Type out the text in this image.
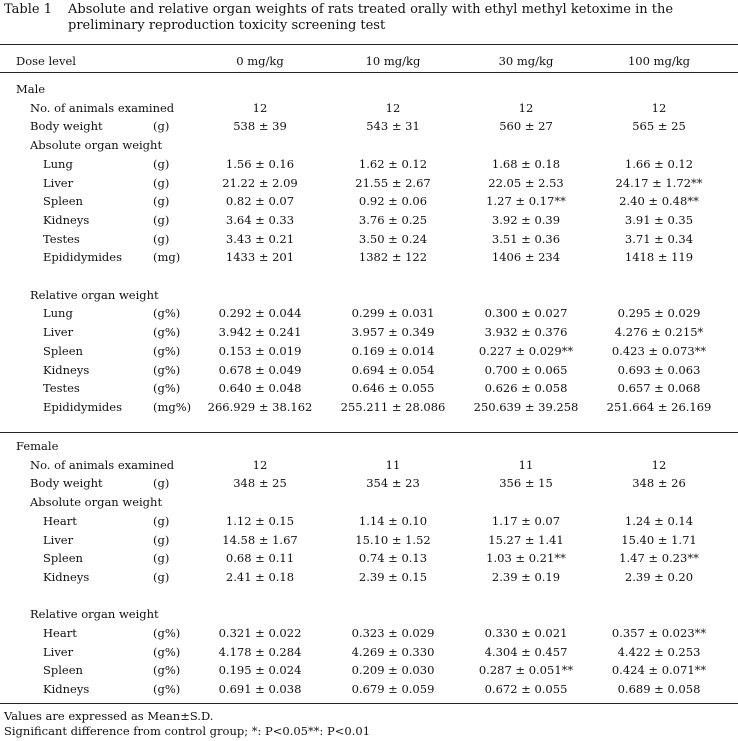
Table 1 Absolute and relative organ weights of rats treated orally with ethyl methyl ketoxime in the preliminary reproduction toxicity screening test
Dose level	0 mg/kg	10 mg/kg	30 mg/kg	100 mg/kg
Male
No. of animals examined	12	12	12	12
Body weight	(g)	538 ± 39	543 ± 31	560 ± 27	565 ± 25
Absolute organ weight
Lung	(g)	1.56 ± 0.16	1.62 ± 0.12	1.68 ± 0.18	1.66 ± 0.12
Liver	(g)	21.22 ± 2.09	21.55 ± 2.67	22.05 ± 2.53	24.17 ± 1.72**
Spleen	(g)	0.82 ± 0.07	0.92 ± 0.06	1.27 ± 0.17**	2.40 ± 0.48**
Kidneys	(g)	3.64 ± 0.33	3.76 ± 0.25	3.92 ± 0.39	3.91 ± 0.35
Testes	(g)	3.43 ± 0.21	3.50 ± 0.24	3.51 ± 0.36	3.71 ± 0.34
Epididymides	(mg)	1433 ± 201	1382 ± 122	1406 ± 234	1418 ± 119
Relative organ weight
Lung	(g%)	0.292 ± 0.044	0.299 ± 0.031	0.300 ± 0.027	0.295 ± 0.029
Liver	(g%)	3.942 ± 0.241	3.957 ± 0.349	3.932 ± 0.376	4.276 ± 0.215*
Spleen	(g%)	0.153 ± 0.019	0.169 ± 0.014	0.227 ± 0.029**	0.423 ± 0.073**
Kidneys	(g%)	0.678 ± 0.049	0.694 ± 0.054	0.700 ± 0.065	0.693 ± 0.063
Testes	(g%)	0.640 ± 0.048	0.646 ± 0.055	0.626 ± 0.058	0.657 ± 0.068
Epididymides	(mg%)	266.929 ± 38.162	255.211 ± 28.086	250.639 ± 39.258	251.664 ± 26.169
Female
No. of animals examined	12	11	11	12
Body weight	(g)	348 ± 25	354 ± 23	356 ± 15	348 ± 26
Absolute organ weight
Heart	(g)	1.12 ± 0.15	1.14 ± 0.10	1.17 ± 0.07	1.24 ± 0.14
Liver	(g)	14.58 ± 1.67	15.10 ± 1.52	15.27 ± 1.41	15.40 ± 1.71
Spleen	(g)	0.68 ± 0.11	0.74 ± 0.13	1.03 ± 0.21**	1.47 ± 0.23**
Kidneys	(g)	2.41 ± 0.18	2.39 ± 0.15	2.39 ± 0.19	2.39 ± 0.20
Relative organ weight
Heart	(g%)	0.321 ± 0.022	0.323 ± 0.029	0.330 ± 0.021	0.357 ± 0.023**
Liver	(g%)	4.178 ± 0.284	4.269 ± 0.330	4.304 ± 0.457	4.422 ± 0.253
Spleen	(g%)	0.195 ± 0.024	0.209 ± 0.030	0.287 ± 0.051**	0.424 ± 0.071**
Kidneys	(g%)	0.691 ± 0.038	0.679 ± 0.059	0.672 ± 0.055	0.689 ± 0.058
Values are expressed as Mean±S.D.
Significant difference from control group; *: P<0.05**: P<0.01
